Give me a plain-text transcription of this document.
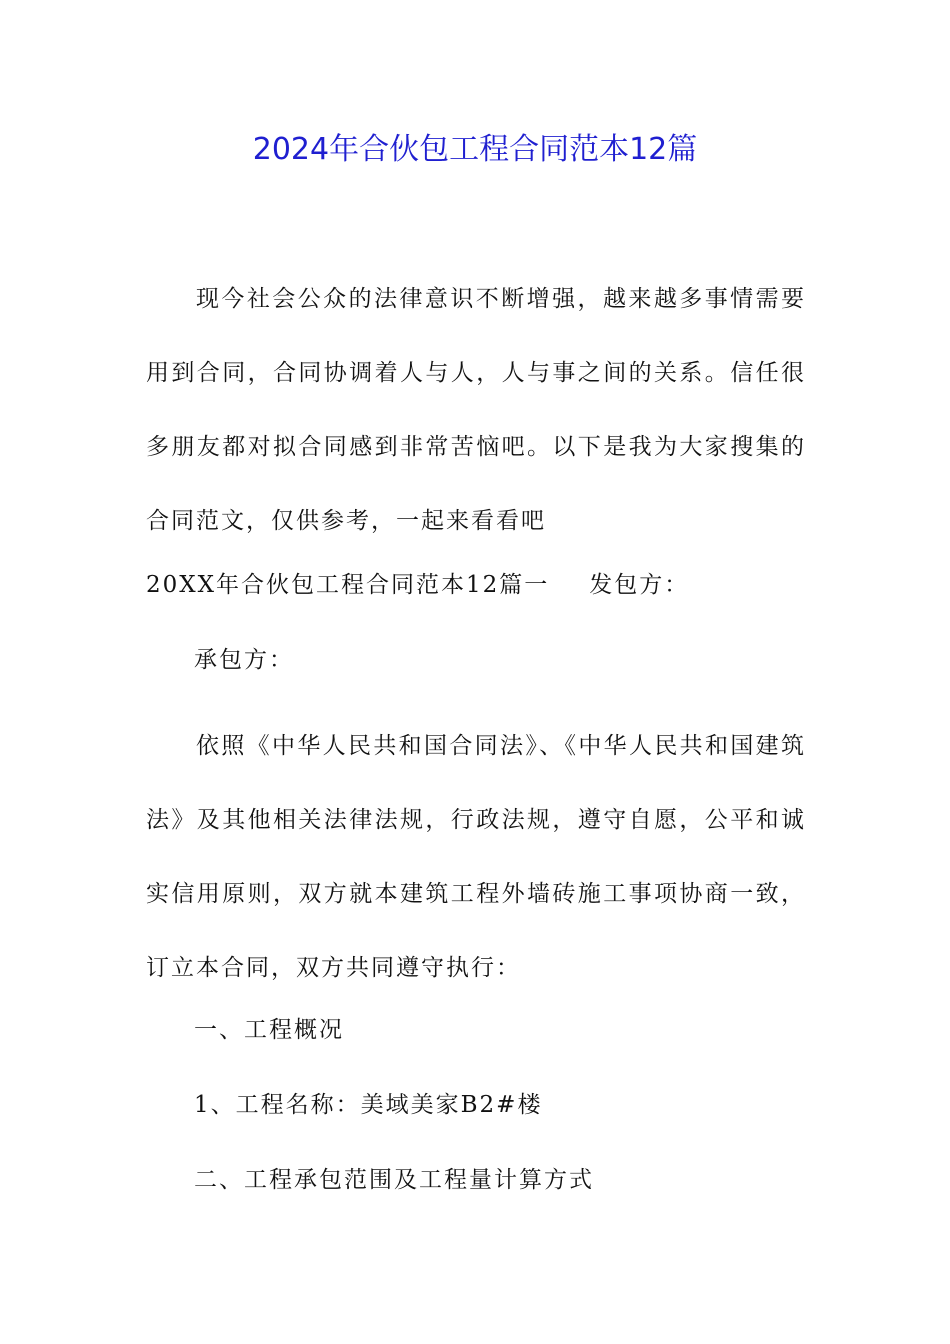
2024年合伙包工程合同范本12篇
现今社会公众的法律意识不断增强，越来越多事情需要用到合同，合同协调着人与人，人与事之间的关系。信任很多朋友都对拟合同感到非常苦恼吧。以下是我为大家搜集的合同范文，仅供参考，一起来看看吧
20XX年合伙包工程合同范本12篇一 发包方：
承包方：
依照《中华人民共和国合同法》、《中华人民共和国建筑法》及其他相关法律法规，行政法规，遵守自愿，公平和诚实信用原则，双方就本建筑工程外墙砖施工事项协商一致，订立本合同，双方共同遵守执行：
一、工程概况
1、工程名称：美域美家B2#楼
二、工程承包范围及工程量计算方式
